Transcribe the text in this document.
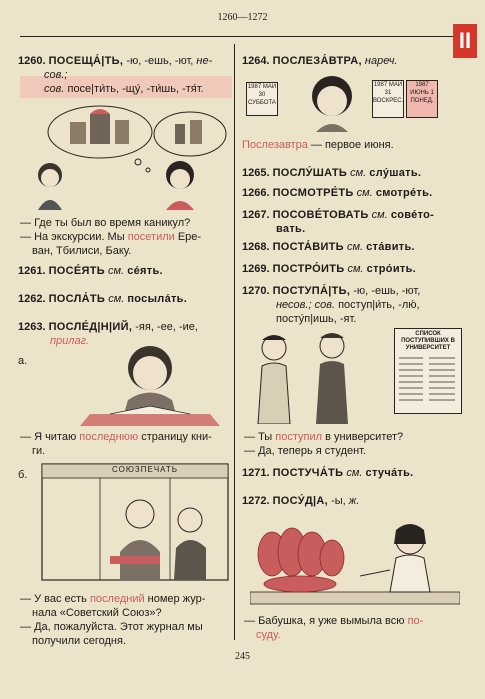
1260—1272
II
1260. ПОСЕЩА́|ТЬ, -ю, -ешь, -ют, не-
сов.;
сов. посе|ти́ть, -щу́, -ти́шь, -тя́т.
— Где ты был во время каникул?
— На экскурсии. Мы посетили Ере-
ван, Тбилиси, Баку.
1261. ПОСЕ́ЯТЬ см. се́ять.
1262. ПОСЛА́ТЬ см. посыла́ть.
1263. ПОСЛЕ́Д|Н|ИЙ, -яя, -ее, -ие,
прилаг.
а.
— Я читаю последнюю страницу кни-
ги.
б.	СОЮЗПЕЧАТЬ
— У вас есть последний номер жур-
нала «Советский Союз»?
— Да, пожалуйста. Этот журнал мы
получили сегодня.
1264. ПОСЛЕЗА́ВТРА, нареч.
1987 МАЙ 30 СУББОТА
1987 МАЙ 31 ВОСКРЕС.
1987 ИЮНЬ 1 ПОНЕД.
Послезавтра — первое июня.
1265. ПОСЛУ́ШАТЬ см. слу́шать.
1266. ПОСМОТРЕ́ТЬ см. смотре́ть.
1267. ПОСОВЕ́ТОВАТЬ см. сове́то-
вать.
1268. ПОСТА́ВИТЬ см. ста́вить.
1269. ПОСТРО́ИТЬ см. стро́ить.
1270. ПОСТУПА́|ТЬ, -ю, -ешь, -ют,
несов.; сов. поступ|и́ть, -лю́,
посту́п|ишь, -ят.
СПИСОК ПОСТУПИВШИХ В УНИВЕРСИТЕТ
— Ты поступил в университет?
— Да, теперь я студент.
1271. ПОСТУЧА́ТЬ см. стуча́ть.
1272. ПОСУ́Д|А, -ы, ж.
— Бабушка, я уже вымыла всю по-
суду.
245
